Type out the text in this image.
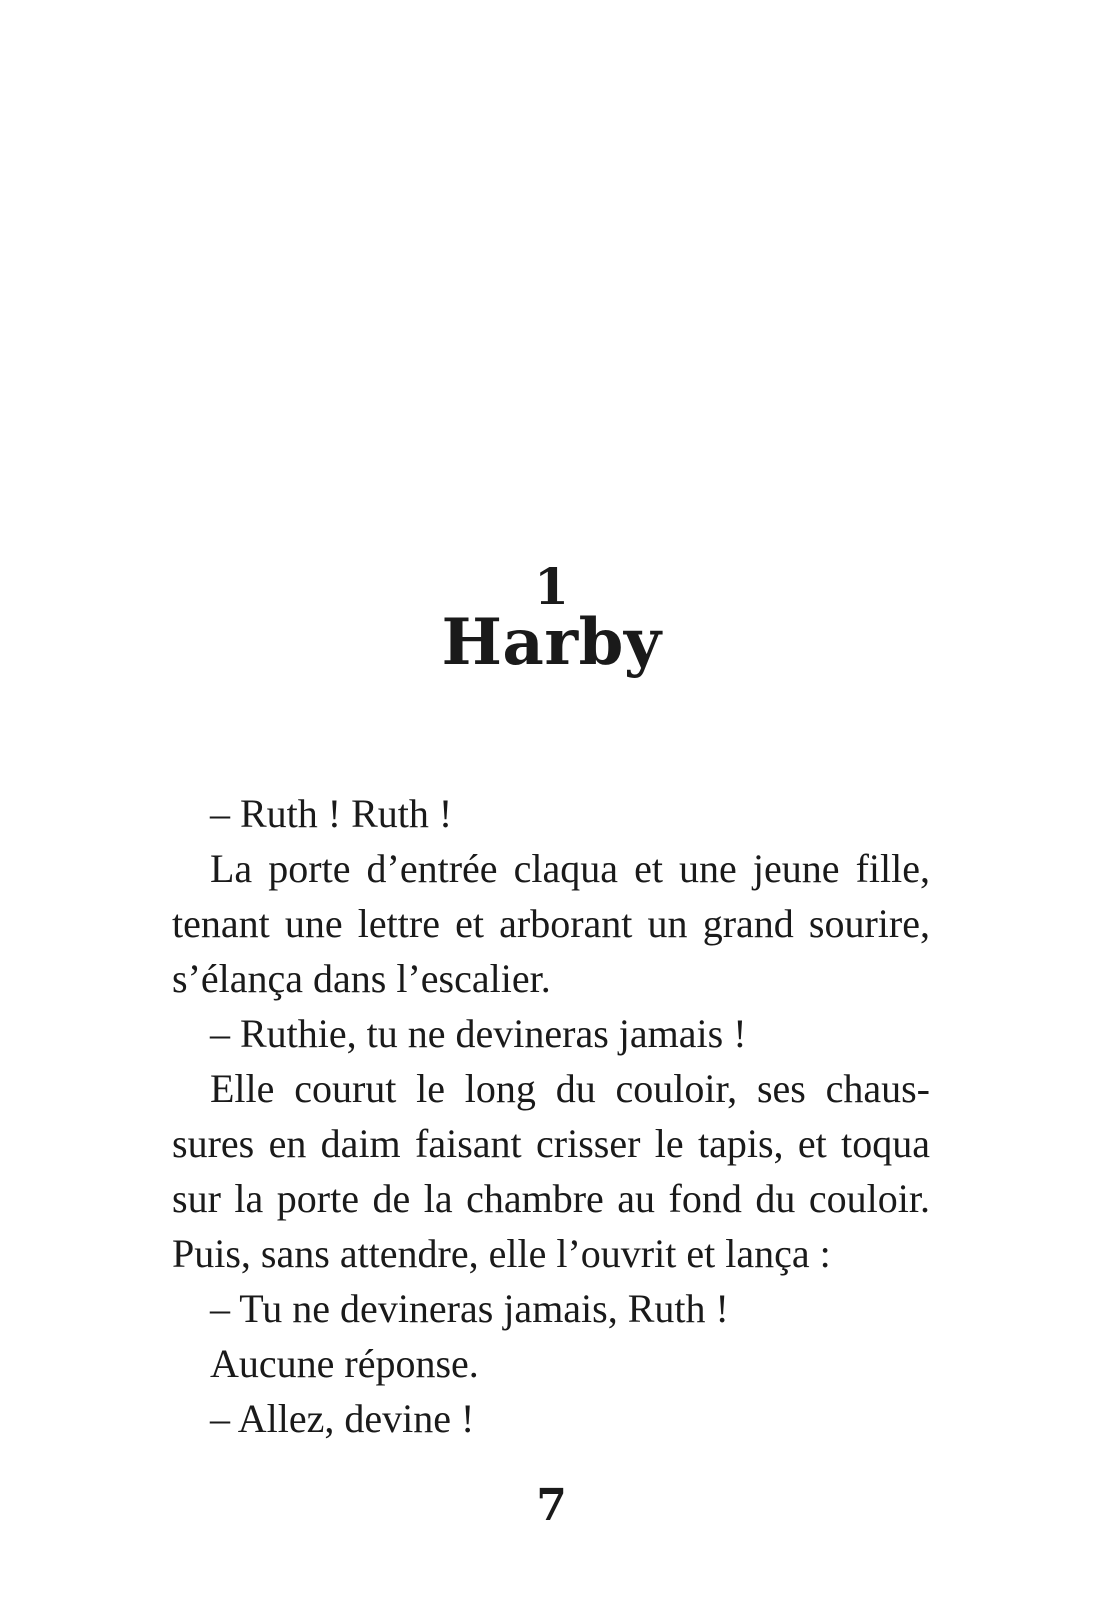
1
Harby
– Ruth ! Ruth !
La porte d’entrée claqua et une jeune fille,
tenant une lettre et arborant un grand sourire,
s’élança dans l’escalier.
– Ruthie, tu ne devineras jamais !
Elle courut le long du couloir, ses chaus-
sures en daim faisant crisser le tapis, et toqua
sur la porte de la chambre au fond du couloir.
Puis, sans attendre, elle l’ouvrit et lança :
– Tu ne devineras jamais, Ruth !
Aucune réponse.
– Allez, devine !
7
